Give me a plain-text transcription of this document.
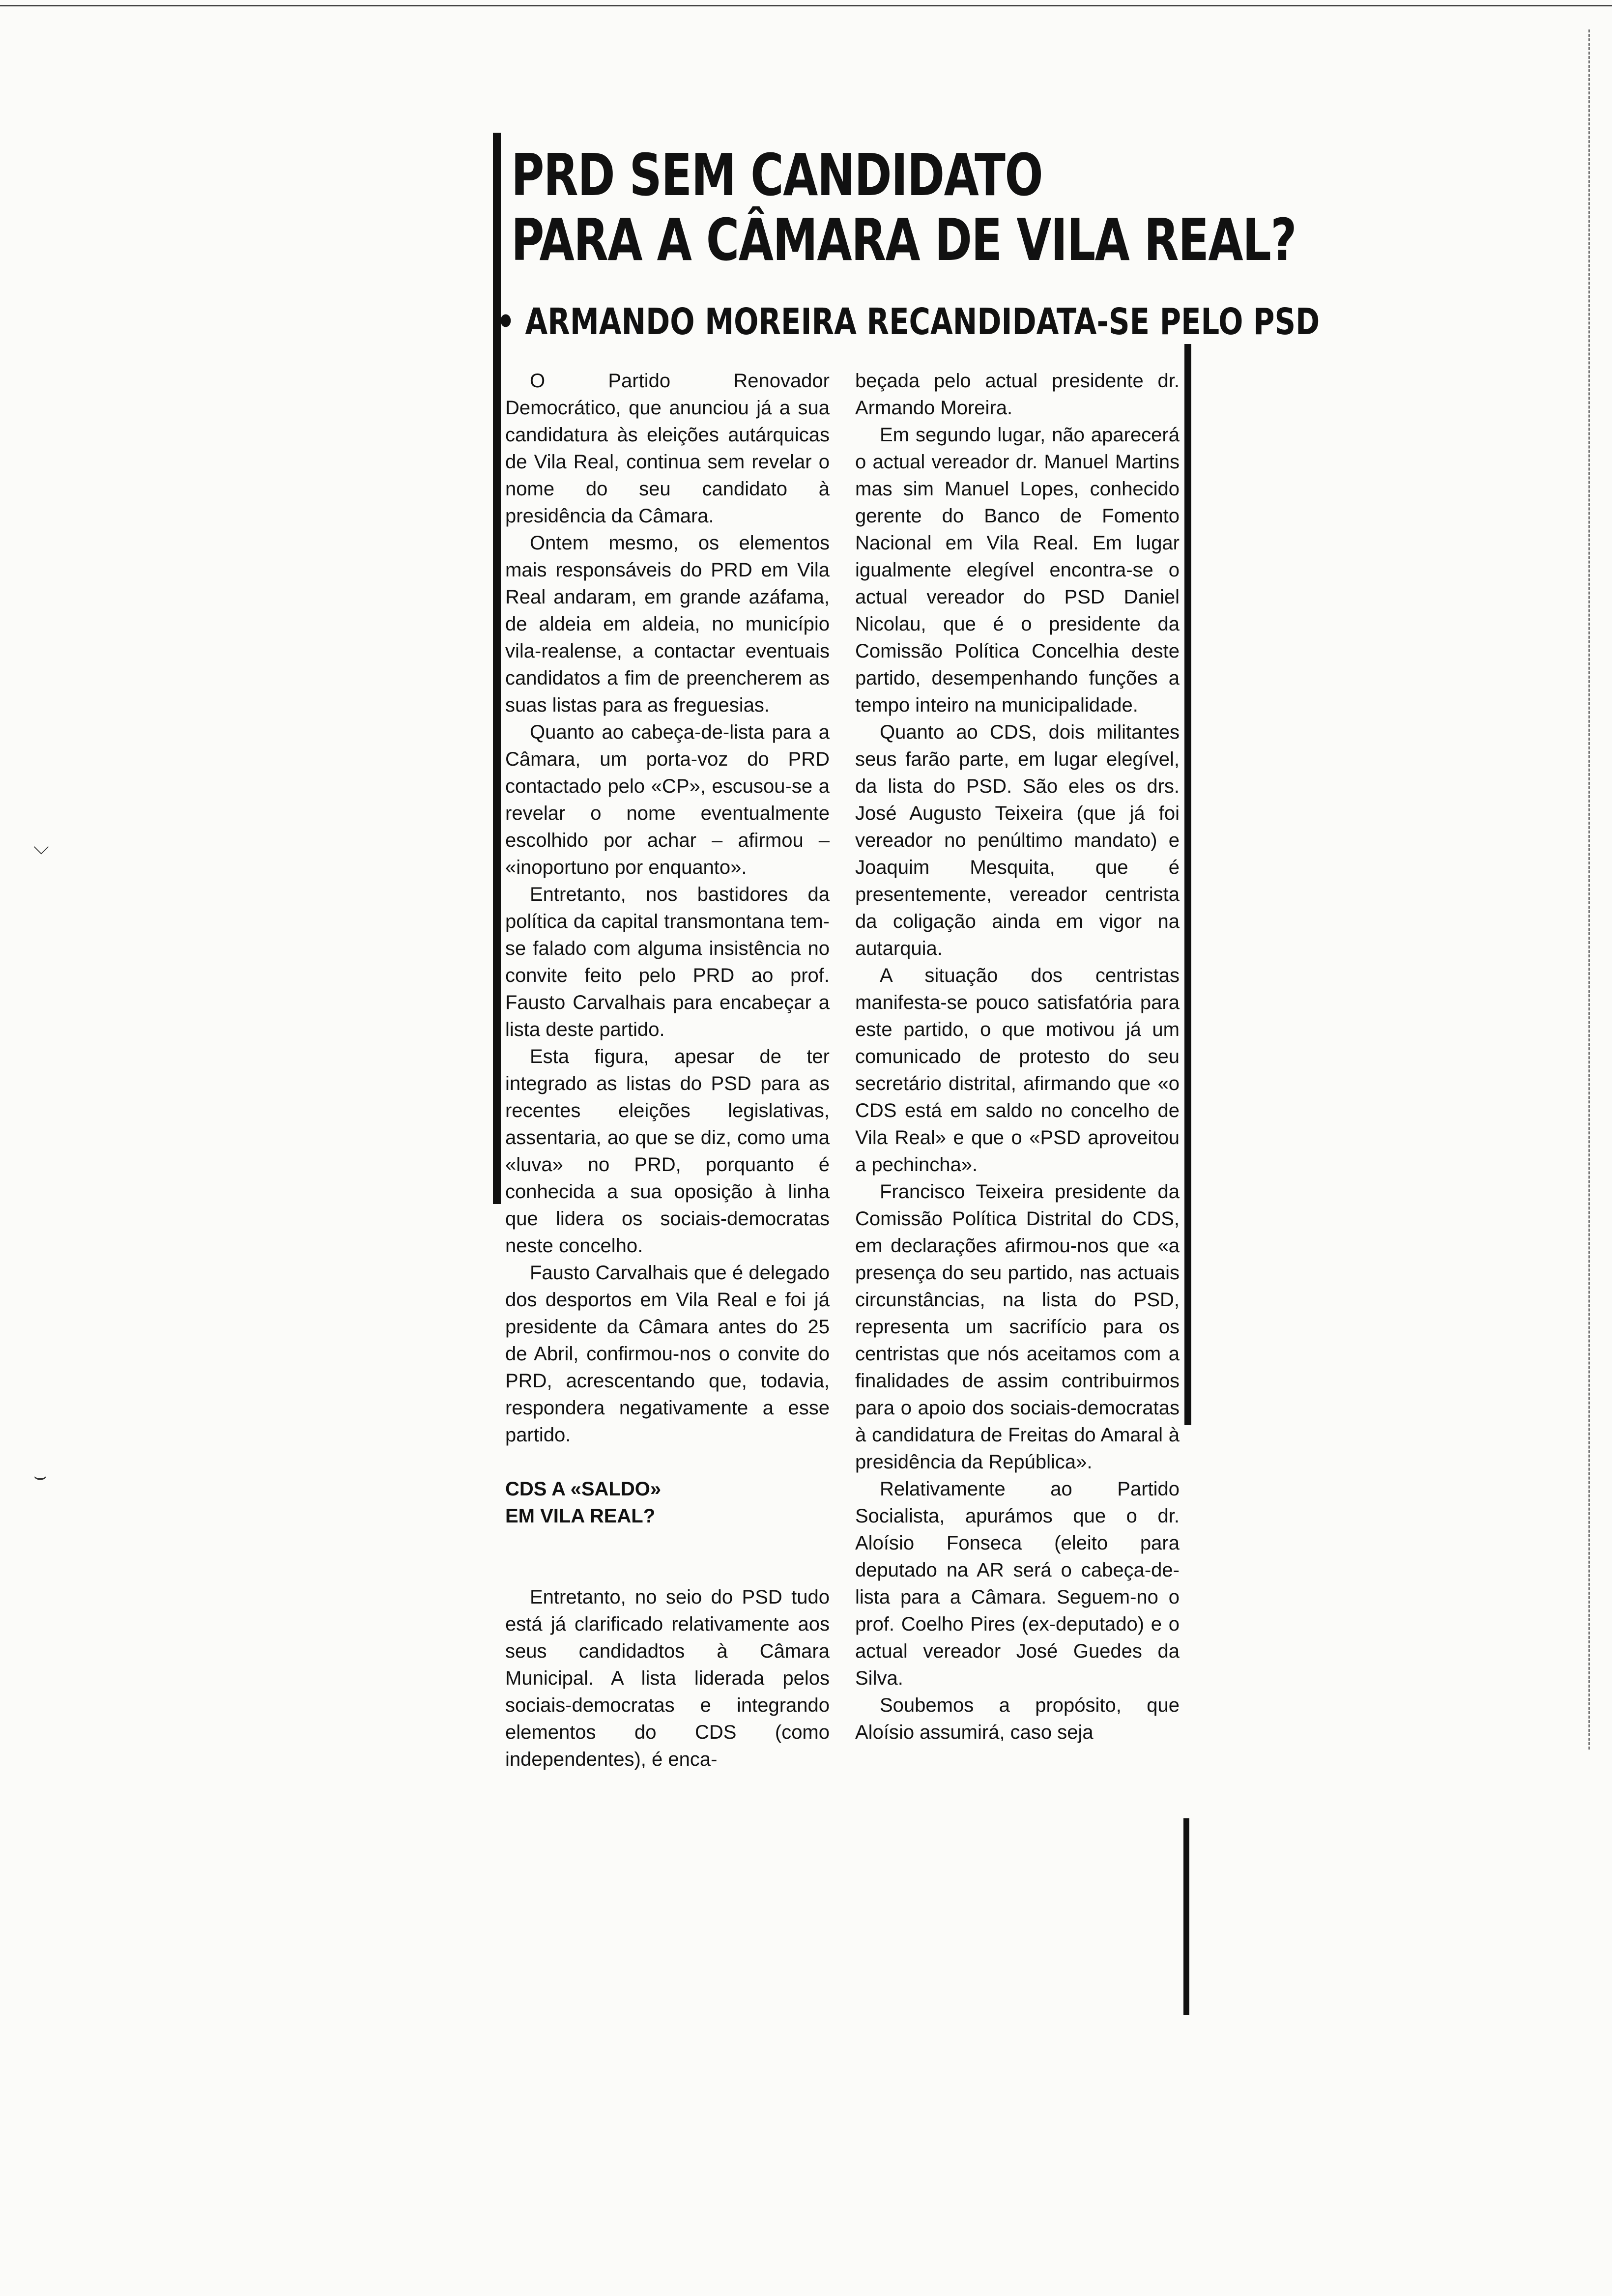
⌵
⌣
PRD SEM CANDIDATO
PARA A CÂMARA DE VILA REAL?
• ARMANDO MOREIRA RECANDIDATA-SE PELO PSD

O Partido Renovador Democrático, que anunciou já a sua candidatura às eleições autárquicas de Vila Real, continua sem revelar o nome do seu candidato à presidência da Câmara.

Ontem mesmo, os elementos mais responsáveis do PRD em Vila Real andaram, em grande azáfama, de aldeia em aldeia, no município vila-realense, a contactar eventuais candidatos a fim de preencherem as suas listas para as freguesias.

Quanto ao cabeça-de-lista para a Câmara, um porta-voz do PRD contactado pelo «CP», escusou-se a revelar o nome eventualmente escolhido por achar – afirmou – «inoportuno por enquanto».

Entretanto, nos bastidores da política da capital transmontana tem-se falado com alguma insistência no convite feito pelo PRD ao prof. Fausto Carvalhais para encabeçar a lista deste partido.

Esta figura, apesar de ter integrado as listas do PSD para as recentes eleições legislativas, assentaria, ao que se diz, como uma «luva» no PRD, porquanto é conhecida a sua oposição à linha que lidera os sociais-democratas neste concelho.

Fausto Carvalhais que é delegado dos desportos em Vila Real e foi já presidente da Câmara antes do 25 de Abril, confirmou-nos o convite do PRD, acrescentando que, todavia, respondera negativamente a esse partido.

CDS A «SALDO»
EM VILA REAL?

Entretanto, no seio do PSD tudo está já clarificado relativamente aos seus candidadtos à Câmara Municipal. A lista liderada pelos sociais-democratas e integrando elementos do CDS (como independentes), é enca-

beçada pelo actual presidente dr. Armando Moreira.

Em segundo lugar, não aparecerá o actual vereador dr. Manuel Martins mas sim Manuel Lopes, conhecido gerente do Banco de Fomento Nacional em Vila Real. Em lugar igualmente elegível encontra-se o actual vereador do PSD Daniel Nicolau, que é o presidente da Comissão Política Concelhia deste partido, desempenhando funções a tempo inteiro na municipalidade.

Quanto ao CDS, dois militantes seus farão parte, em lugar elegível, da lista do PSD. São eles os drs. José Augusto Teixeira (que já foi vereador no penúltimo mandato) e Joaquim Mesquita, que é presentemente, vereador centrista da coligação ainda em vigor na autarquia.

A situação dos centristas manifesta-se pouco satisfatória para este partido, o que motivou já um comunicado de protesto do seu secretário distrital, afirmando que «o CDS está em saldo no concelho de Vila Real» e que o «PSD aproveitou a pechincha».

Francisco Teixeira presidente da Comissão Política Distrital do CDS, em declarações afirmou-nos que «a presença do seu partido, nas actuais circunstâncias, na lista do PSD, representa um sacrifício para os centristas que nós aceitamos com a finalidades de assim contribuirmos para o apoio dos sociais-democratas à candidatura de Freitas do Amaral à presidência da República».

Relativamente ao Partido Socialista, apurámos que o dr. Aloísio Fonseca (eleito para deputado na AR será o cabeça-de-lista para a Câmara. Seguem-no o prof. Coelho Pires (ex-deputado) e o actual vereador José Guedes da Silva.

Soubemos a propósito, que Aloísio assumirá, caso seja
